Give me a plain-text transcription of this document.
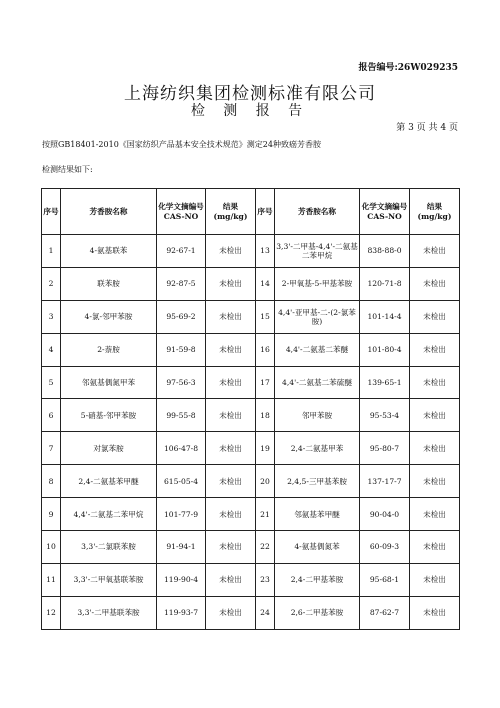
报告编号:26W029235
上海纺织集团检测标准有限公司
检 测 报 告
第 3 页 共 4 页
按照GB18401-2010《国家纺织产品基本安全技术规范》测定24种致癌芳香胺
检测结果如下:
序号	芳香胺名称	化学文摘编号CAS-NO	结果(mg/kg)	序号	芳香胺名称	化学文摘编号CAS-NO	结果(mg/kg)
1	4-氨基联苯	92-67-1	未检出	13	3,3'-二甲基-4,4'-二氨基二苯甲烷	838-88-0	未检出
2	联苯胺	92-87-5	未检出	14	2-甲氧基-5-甲基苯胺	120-71-8	未检出
3	4-氯-邻甲苯胺	95-69-2	未检出	15	4,4'-亚甲基-二-(2-氯苯胺)	101-14-4	未检出
4	2-萘胺	91-59-8	未检出	16	4,4'-二氨基二苯醚	101-80-4	未检出
5	邻氨基偶氮甲苯	97-56-3	未检出	17	4,4'-二氨基二苯硫醚	139-65-1	未检出
6	5-硝基-邻甲苯胺	99-55-8	未检出	18	邻甲苯胺	95-53-4	未检出
7	对氯苯胺	106-47-8	未检出	19	2,4-二氨基甲苯	95-80-7	未检出
8	2,4-二氨基苯甲醚	615-05-4	未检出	20	2,4,5-三甲基苯胺	137-17-7	未检出
9	4,4'-二氨基二苯甲烷	101-77-9	未检出	21	邻氨基苯甲醚	90-04-0	未检出
10	3,3'-二氯联苯胺	91-94-1	未检出	22	4-氨基偶氮苯	60-09-3	未检出
11	3,3'-二甲氧基联苯胺	119-90-4	未检出	23	2,4-二甲基苯胺	95-68-1	未检出
12	3,3'-二甲基联苯胺	119-93-7	未检出	24	2,6-二甲基苯胺	87-62-7	未检出
